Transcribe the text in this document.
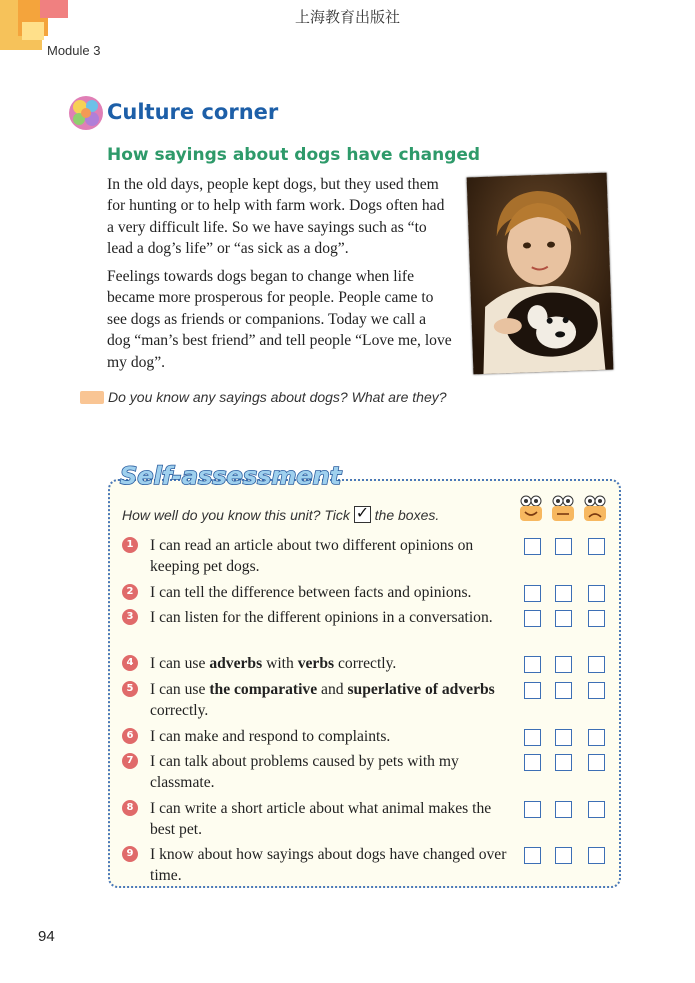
上海教育出版社
Module 3
Culture corner
How sayings about dogs have changed

In the old days, people kept dogs, but they used them for hunting or to help with farm work. Dogs often had a very difficult life. So we have sayings such as “to lead a dog’s life” or “as sick as a dog”.

Feelings towards dogs began to change when life became more prosperous for people. People came to see dogs as friends or companions. Today we call a dog “man’s best friend” and tell people “Love me, love my dog”.

Do you know any sayings about dogs? What are they?
Self-assessment
How well do you know this unit? Tick ✓ the boxes.
1 I can read an article about two different opinions on keeping pet dogs.
2 I can tell the difference between facts and opinions.
3 I can listen for the different opinions in a conversation.
4 I can use adverbs with verbs correctly.
5 I can use the comparative and superlative of adverbs correctly.
6 I can make and respond to complaints.
7 I can talk about problems caused by pets with my classmate.
8 I can write a short article about what animal makes the best pet.
9 I know about how sayings about dogs have changed over time.
94
